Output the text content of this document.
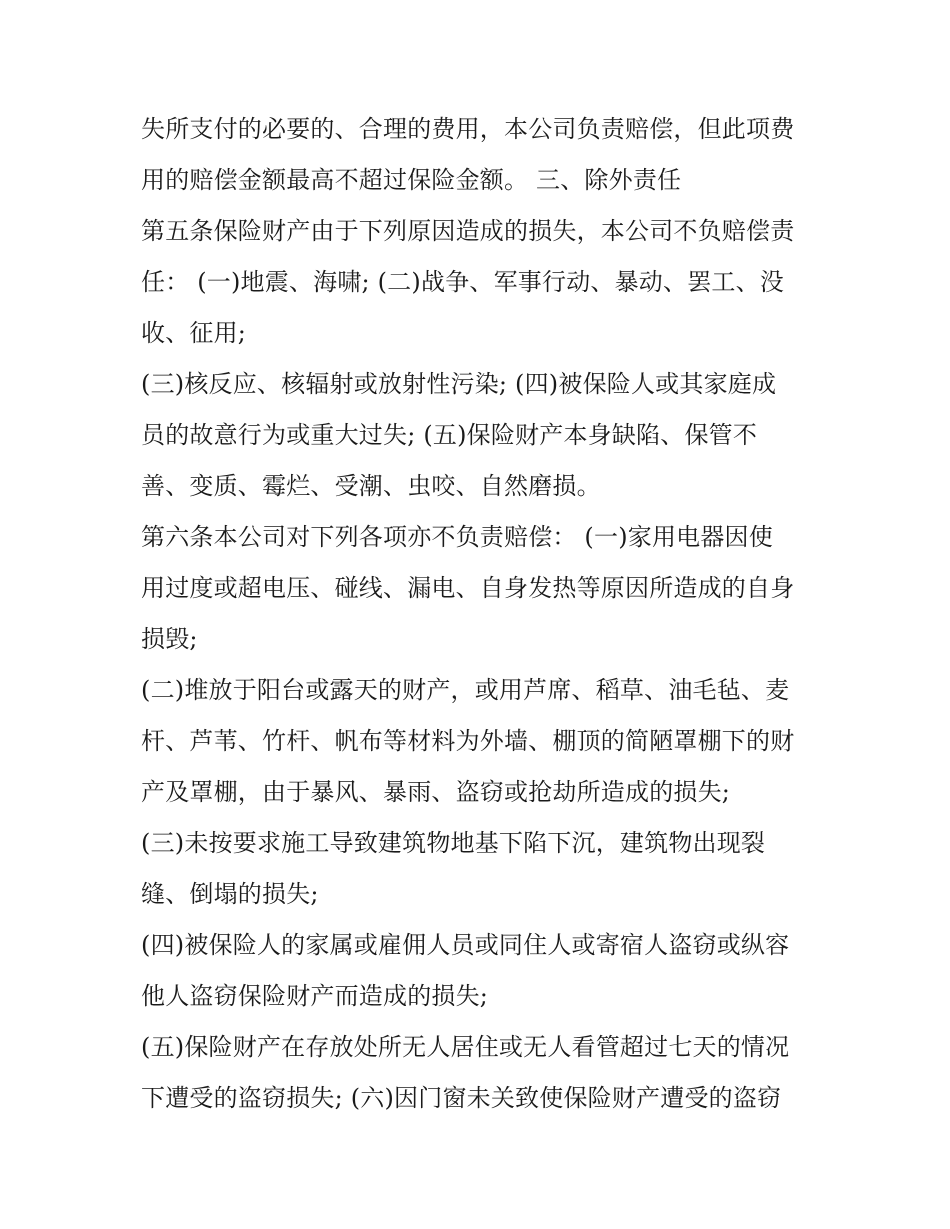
失所支付的必要的、合理的费用，本公司负责赔偿，但此项费
用的赔偿金额最高不超过保险金额。 三、除外责任
第五条保险财产由于下列原因造成的损失，本公司不负赔偿责
任： (一)地震、海啸; (二)战争、军事行动、暴动、罢工、没
收、征用;
(三)核反应、核辐射或放射性污染; (四)被保险人或其家庭成
员的故意行为或重大过失; (五)保险财产本身缺陷、保管不
善、变质、霉烂、受潮、虫咬、自然磨损。
第六条本公司对下列各项亦不负责赔偿： (一)家用电器因使
用过度或超电压、碰线、漏电、自身发热等原因所造成的自身
损毁;
(二)堆放于阳台或露天的财产，或用芦席、稻草、油毛毡、麦
杆、芦苇、竹杆、帆布等材料为外墙、棚顶的简陋罩棚下的财
产及罩棚，由于暴风、暴雨、盗窃或抢劫所造成的损失;
(三)未按要求施工导致建筑物地基下陷下沉，建筑物出现裂
缝、倒塌的损失;
(四)被保险人的家属或雇佣人员或同住人或寄宿人盗窃或纵容
他人盗窃保险财产而造成的损失;
(五)保险财产在存放处所无人居住或无人看管超过七天的情况
下遭受的盗窃损失; (六)因门窗未关致使保险财产遭受的盗窃
